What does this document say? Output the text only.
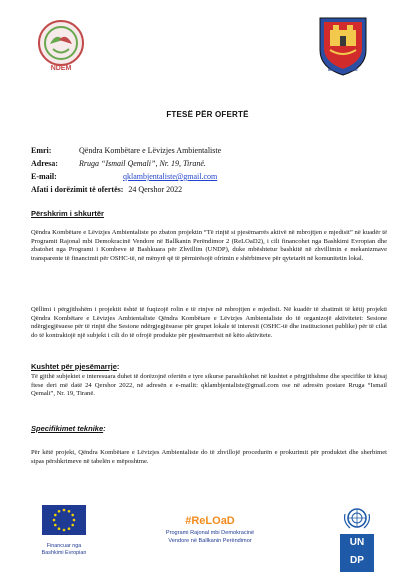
NDEM	BASHKIA TIRANË
FTESË PËR OFERTË
Emri:	Qëndra Kombëtare e Lëvizjes Ambientaliste
Adresa:	Rruga “Ismail Qemali”, Nr. 19, Tiranë.
E-mail:	qklambjentaliste@gmail.com
Afati i dorëzimit të ofertës: 24 Qershor 2022
Përshkrim i shkurtër
Qëndra Kombëtare e Lëvizjes Ambientaliste po zbaton projektin “Të rinjtë si pjesëmarrës aktivë në mbrojtjen e mjedisit” në kuadër të Programit Rajonal mbi Demokracinë Vendore në Ballkanin Perëndimor 2 (ReLOaD2), i cili financohet nga Bashkimi Evropian dhe zbatohet nga Programi i Kombeve të Bashkuara për Zhvillim (UNDP), duke mbështetur bashkitë në zhvillimin e mekanizmave transparente të financimit për OSHC-të, në mënyrë që të përmirësojë ofrimin e shërbimeve për qytetarët në komunitetin lokal.
Qëllimi i përgjithshëm i projektit është të fuqizojë rolin e të rinjve në mbrojtjen e mjedisit. Në kuadër të zbatimit të këtij projekti Qëndra Kombëtare e Lëvizjes Ambientaliste Qëndra Kombëtare e Lëvizjes Ambientaliste do të organizojë aktivitetet: Sesione ndërgjegjësuese për të rinjtë dhe Sesione ndërgjegjësuese për grupet lokale të interesit (OSHC-të dhe institucionet publike) për të cilat do të kontraktojë një subjekt i cili do të ofrojë produkte për pjesëmarrësit në këto aktivitete.
Kushtet për pjesëmarrje:
Të gjithë subjektet e interesuara duhet të dorëzojnë ofertën e tyre sikurse parashikohet në kushtet e përgjithshme dhe specifike të kësaj ftese deri më datë 24 Qershor 2022, në adresën e e-mailit: qklambjentaliste@gmail.com ose në adresën postare Rruga “Ismail Qemali”, Nr. 19, Tiranë.
Specifikimet teknike:
Për këtë projekt, Qëndra Kombëtare e Lëvizjes Ambientaliste do të zhvillojë procedurën e prokurimit për produktet dhe sherbimet sipas përshkrimeve në tabelën e mëposhtme.
Financuar nga
Bashkimi Evropian
#ReLOaD
Programi Rajonal mbi Demokracinë
Vendore në Ballkanin Perëndimor	UNDP
